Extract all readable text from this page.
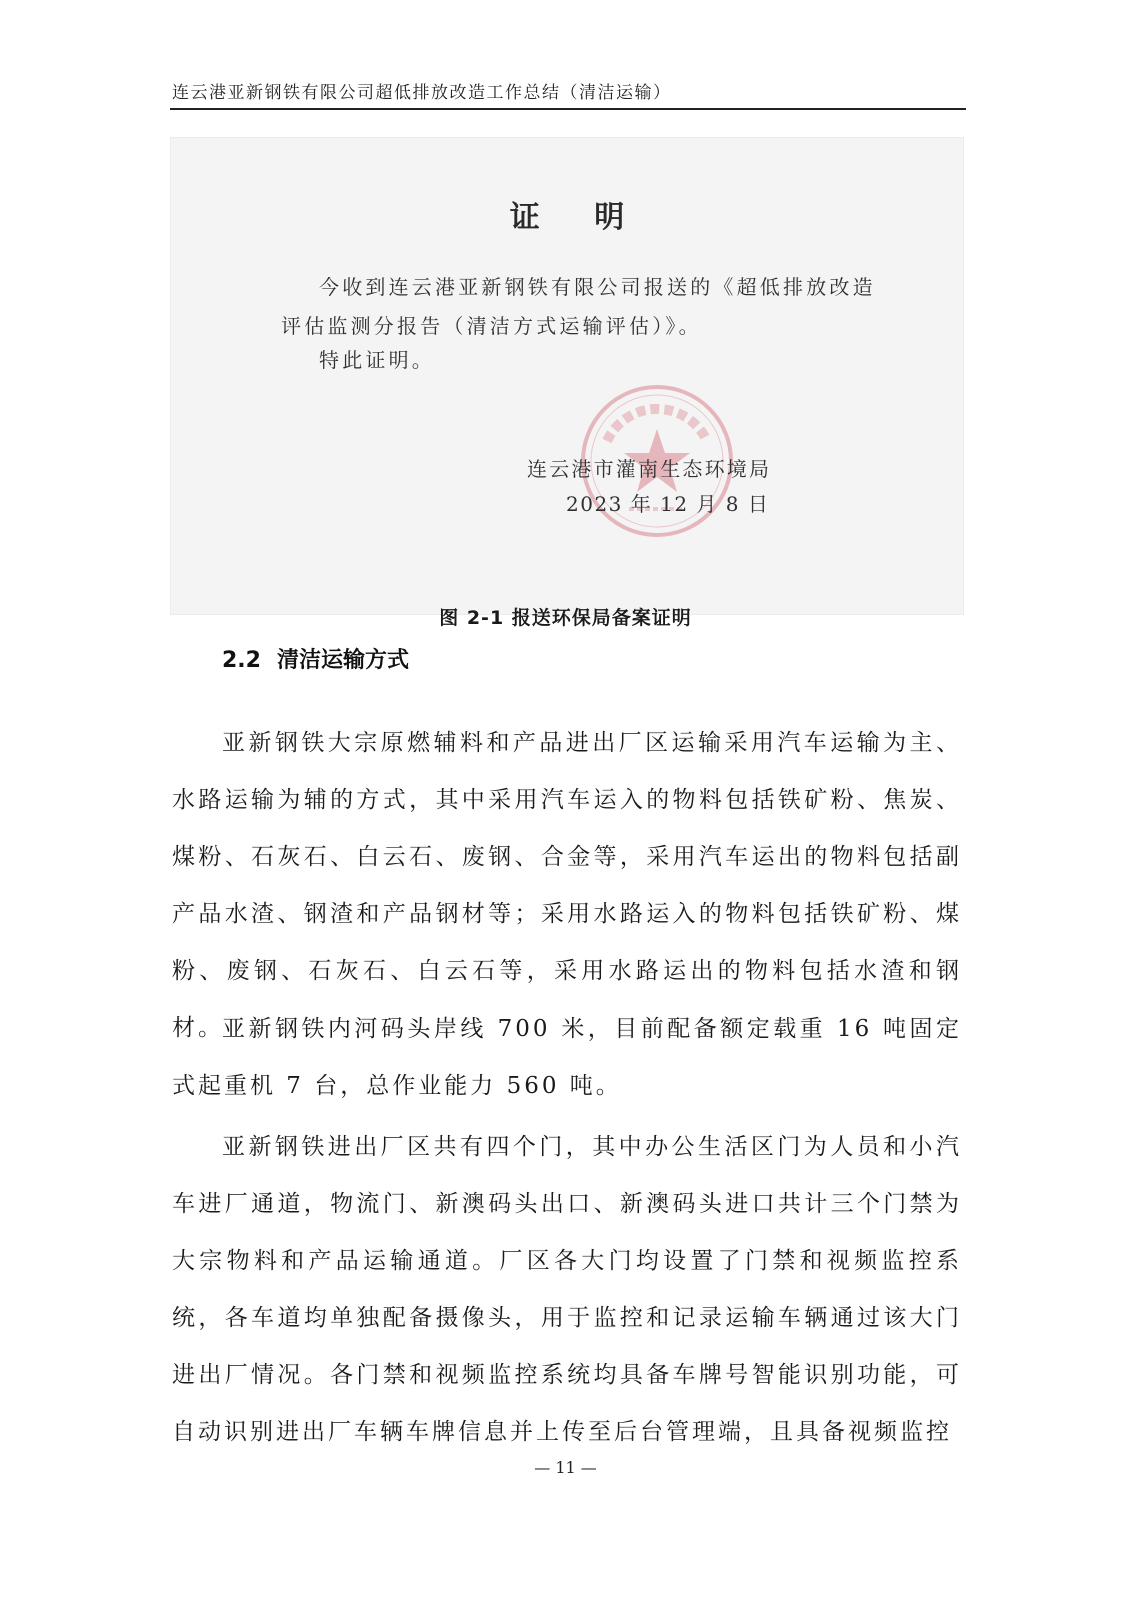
连云港亚新钢铁有限公司超低排放改造工作总结（清洁运输）
证 明
今收到连云港亚新钢铁有限公司报送的《超低排放改造
评估监测分报告（清洁方式运输评估）》。
特此证明。
连云港市灌南生态环境局
2023 年 12 月 8 日
图 2-1 报送环保局备案证明
2.2 清洁运输方式

亚新钢铁大宗原燃辅料和产品进出厂区运输采用汽车运输为主、水路运输为辅的方式，其中采用汽车运入的物料包括铁矿粉、焦炭、煤粉、石灰石、白云石、废钢、合金等，采用汽车运出的物料包括副产品水渣、钢渣和产品钢材等；采用水路运入的物料包括铁矿粉、煤粉、废钢、石灰石、白云石等，采用水路运出的物料包括水渣和钢材。

亚新钢铁内河码头岸线 700 米，目前配备额定载重 16 吨固定式起重机 7 台，总作业能力 560 吨。

亚新钢铁进出厂区共有四个门，其中办公生活区门为人员和小汽车进厂通道，物流门、新澳码头出口、新澳码头进口共计三个门禁为大宗物料和产品运输通道。厂区各大门均设置了门禁和视频监控系统，各车道均单独配备摄像头，用于监控和记录运输车辆通过该大门进出厂情况。各门禁和视频监控系统均具备车牌号智能识别功能，可自动识别进出厂车辆车牌信息并上传至后台管理端，且具备视频监控

— 11 —
